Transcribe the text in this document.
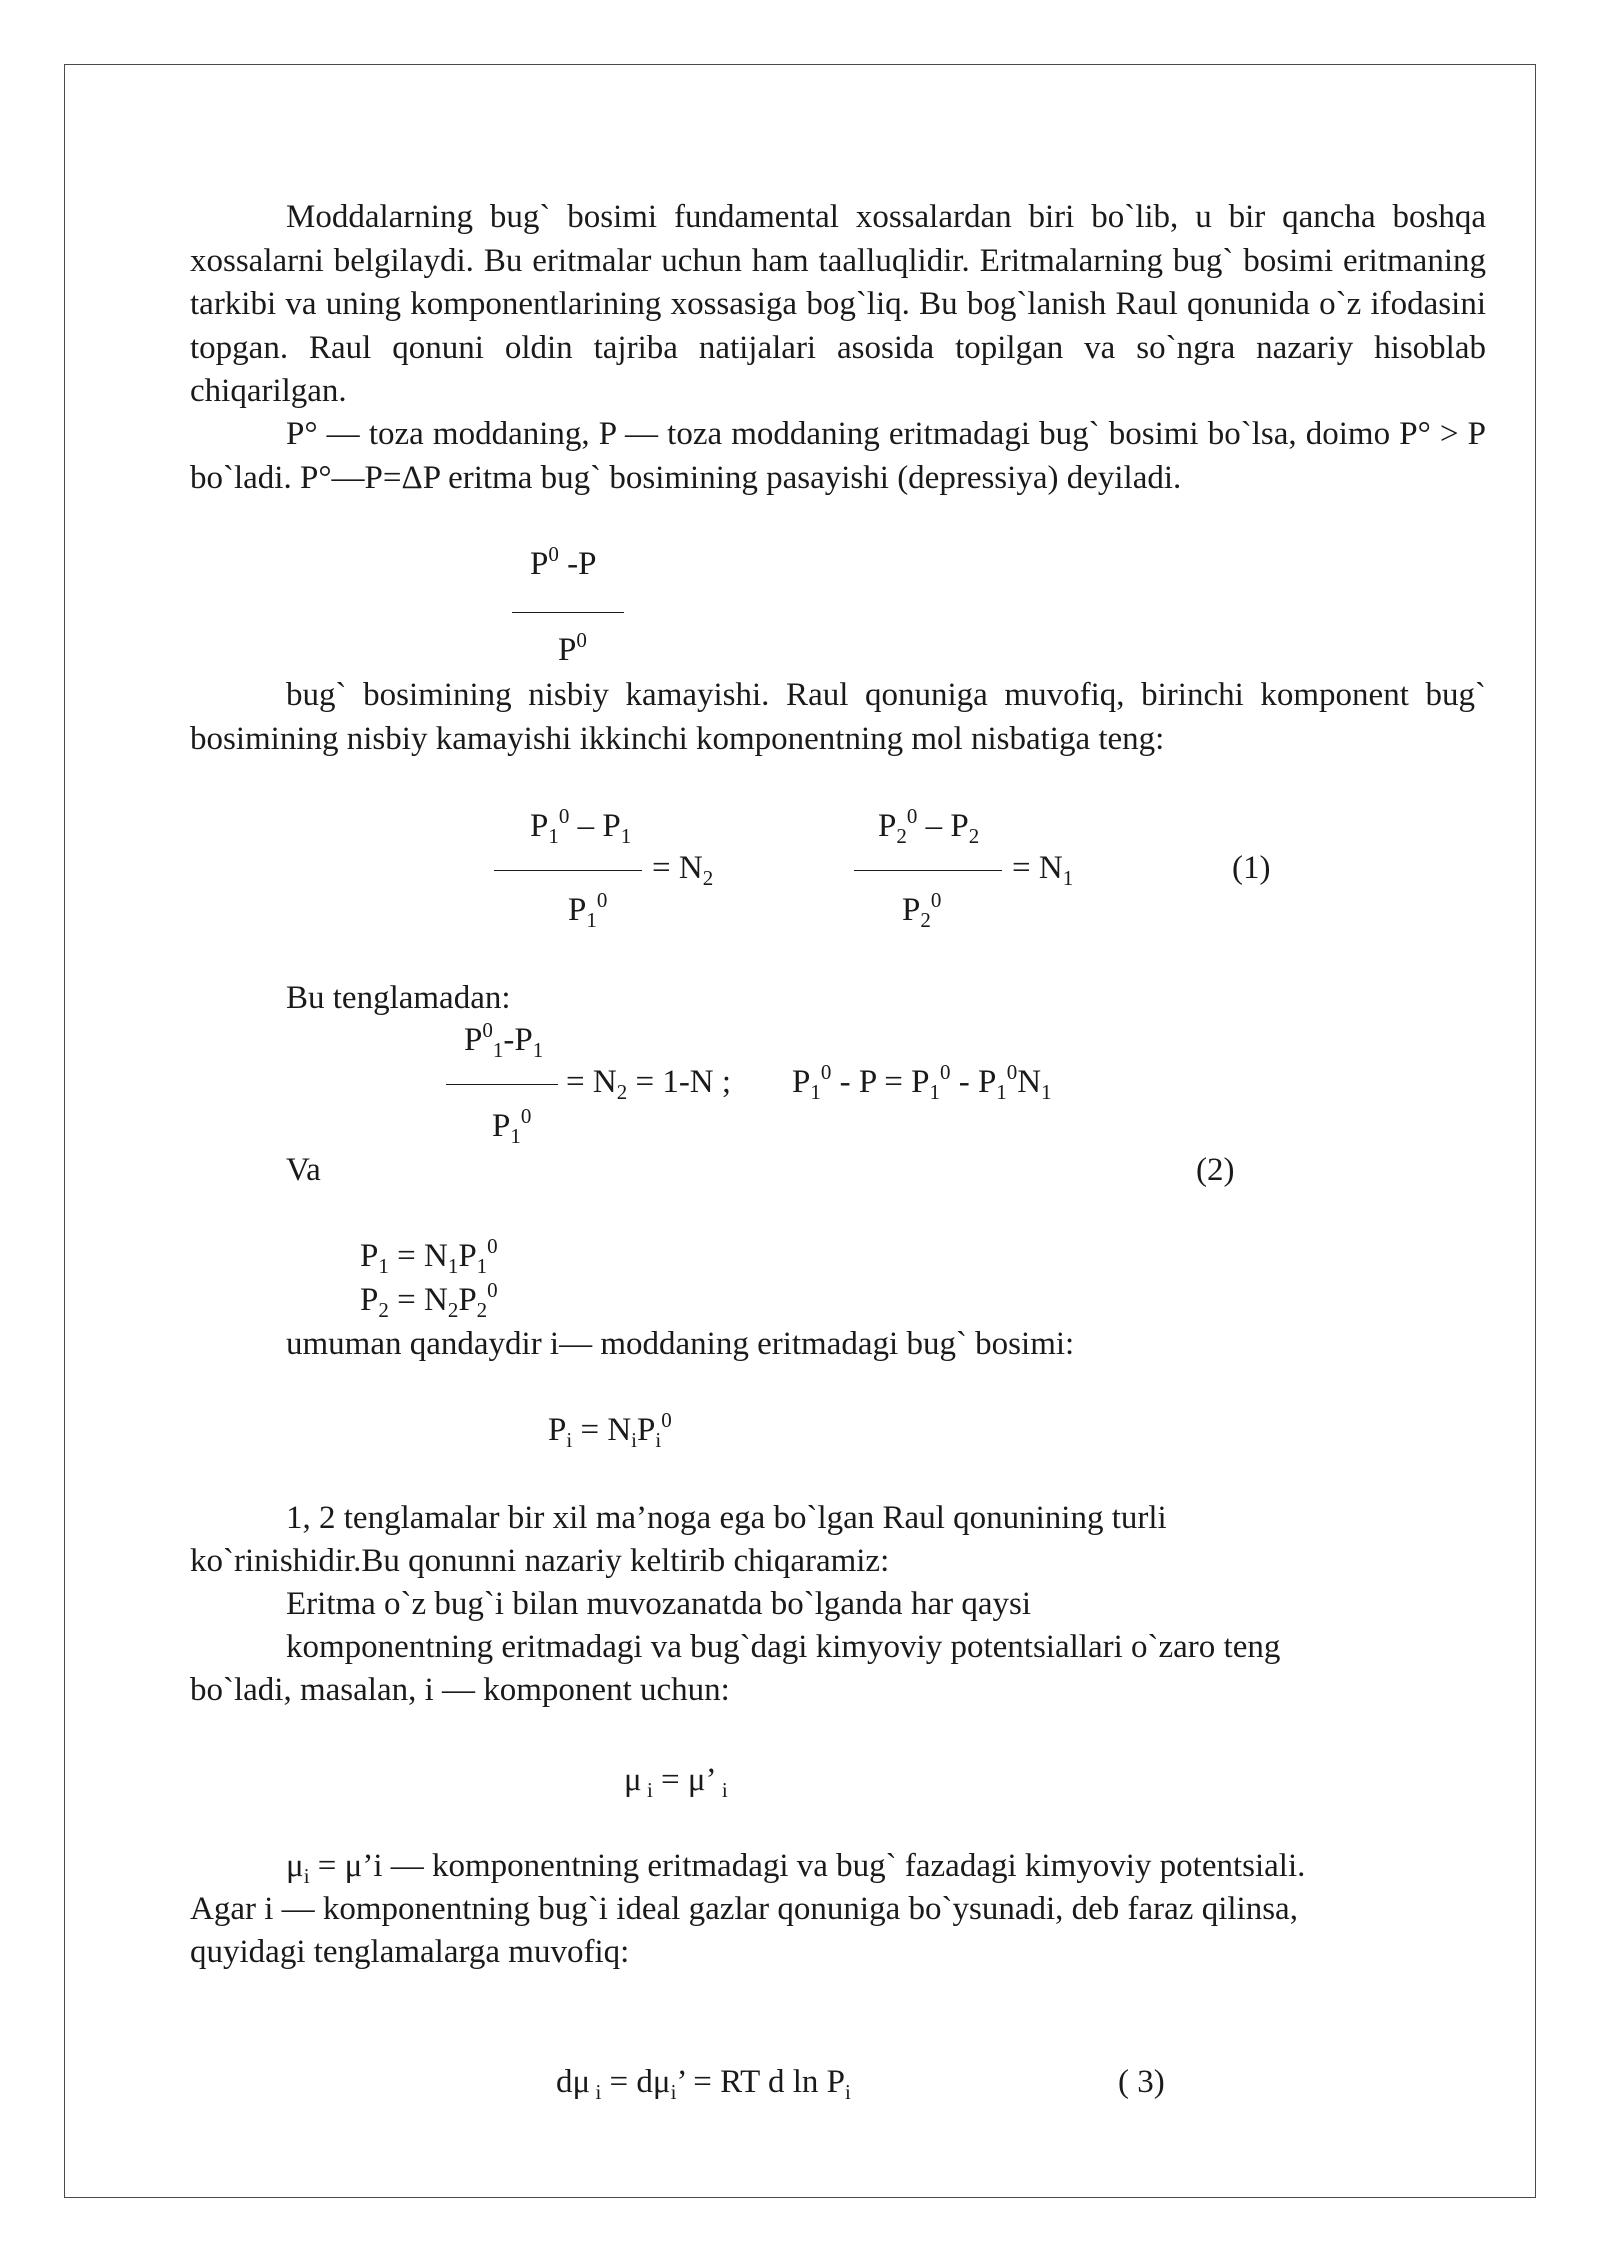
Moddalarning bug` bosimi fundamental xossalardan biri bo`lib, u bir qancha boshqa xossalarni belgilaydi. Bu eritmalar uchun ham taalluqlidir. Eritmalarning bug` bosimi eritmaning tarkibi va uning komponentlarining xossasiga bog`liq. Bu bog`lanish Raul qonunida o`z ifodasini topgan. Raul qonuni oldin tajriba natijalari asosida topilgan va so`ngra nazariy hisoblab chiqarilgan.

P° — toza moddaning, P — toza moddaning eritmadagi bug` bosimi bo`lsa, doimo P° > P bo`ladi. P°—P=ΔP eritma bug` bosimining pasayishi (depressiya) deyiladi.

$P^0$ -P
$P^0$

bug` bosimining nisbiy kamayishi. Raul qonuniga muvofiq, birinchi komponent bug` bosimining nisbiy kamayishi ikkinchi komponentning mol nisbatiga teng:

$P_1^0 - P_1$
= $N_2$
$P_1^0$
$P_2^0 - P_2$
= $N_1$
$P_2^0$
(1)
Bu tenglamadan:
$P^0_1-P_1$
= $N_2 = 1-N$ ; $P_1^0 - P = P_1^0 - P_1^0N_1$
$P_1^0$
Va	(2)
$P_1 = N_1P_1^0$
$P_2 = N_2P_2^0$
umuman qandaydir i— moddaning eritmadagi bug` bosimi:
$P_i = N_iP_i^0$
1, 2 tenglamalar bir xil ma’noga ega bo`lgan Raul qonunining turli
ko`rinishidir.Bu qonunni nazariy keltirib chiqaramiz:
Eritma o`z bug`i bilan muvozanatda bo`lganda har qaysi
komponentning eritmadagi va bug`dagi kimyoviy potentsiallari o`zaro teng
bo`ladi, masalan, i — komponent uchun:
μ $_i$ = μ’ $_i$
$\mu_i$ = μ’i — komponentning eritmadagi va bug` fazadagi kimyoviy potentsiali.
Agar i — komponentning bug`i ideal gazlar qonuniga bo`ysunadi, deb faraz qilinsa,
quyidagi tenglamalarga muvofiq:
dμ $_i = d\mu_i$’ = RT d $\ln P_i$	( 3)
